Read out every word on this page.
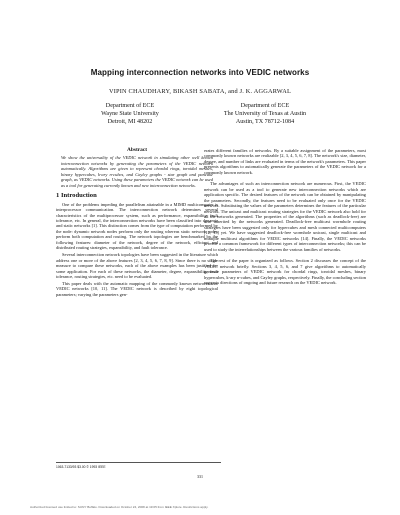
Mapping interconnection networks into VEDIC networks
VIPIN CHAUDHARY, BIKASH SABATA, and J. K. AGGARWAL
Department of ECE
Wayne State University
Detroit, MI 48202
Department of ECE
The University of Texas at Austin
Austin, TX 78712-1084
Abstract
We show the universality of the VEDIC network in simulating other well known interconnection networks by generating the parameters of the VEDIC network automatically. Algorithms are given to represent chordal rings, toroidal meshes, binary hypercubes, k-ary n-cubes, and Cayley graphs - star graph and pancake graph, as VEDIC networks. Using these parameters the VEDIC network can be used as a tool for generating currently known and new interconnection networks.
1 Introduction

One of the problems impeding the parallelism attainable in a MIMD multicomputer is interprocessor communication. The interconnection network determines several characteristics of the multiprocessor system, such as performance, expansibility, fault tolerance, etc. In general, the interconnection networks have been classified into dynamic and static networks [1]. This distinction comes from the type of computation performed by the node: dynamic network nodes perform only the routing whereas static network nodes perform both computation and routing. The network topologies are benchmarked by the following features: diameter of the network, degree of the network, efficient and distributed routing strategies, expansibility, and fault tolerance.

Several interconnection network topologies have been suggested in the literature which address one or more of the above features [2, 3, 4, 5, 6, 7, 8, 9]. Since there is no single measure to compare these networks, each of the above examples has been justified for some application. For each of these networks, the diameter, degree, expansibility, fault tolerance, routing strategies, etc. need to be evaluated.

This paper deals with the automatic mapping of the commonly known networks into VEDIC networks [10, 11]. The VEDIC network is described by eight topological parameters; varying the parameters gen-

erates different families of networks. By a suitable assignment of the parameters, most commonly known networks are realizable [2, 3, 4, 5, 6, 7, 8]. The network's size, diameter, degree, and number of links are evaluated in terms of the network's parameters. This paper presents algorithms to automatically generate the parameters of the VEDIC network for a commonly known network.

The advantages of such an interconnection network are numerous. First, the VEDIC network can be used as a tool to generate new interconnection networks which are application specific. The desired features of the network can be obtained by manipulating the parameters. Secondly, the features need to be evaluated only once for the VEDIC network. Substituting the values of the parameters determines the features of the particular network. The unicast and multicast routing strategies for the VEDIC network also hold for all the networks generated. The properties of the algorithms (such as deadlock-free) are also inherited by the networks generated. Deadlock-free multicast wormhole routing strategies have been suggested only for hypercubes and mesh connected multicomputers [12, 13] yet. We have suggested deadlock-free wormhole unicast, single multicast and multiple multicast algorithms for VEDIC networks [14]. Finally, the VEDIC networks provide a common framework for different types of interconnection networks; this can be used to study the interrelationships between the various families of networks.

The rest of the paper is organized as follows. Section 2 discusses the concept of the VEDIC network briefly. Sections 3, 4, 5, 6, and 7 give algorithms to automatically generate parameters of VEDIC network for chordal rings, toroidal meshes, binary hypercubes, k-ary n-cubes, and Cayley graphs, respectively. Finally, the concluding section suggests directions of ongoing and future research on the VEDIC network.

1063-7133/93 $3.00 © 1993 IEEE
331
Authorized licensed use limited to: SUNY Buffalo. Downloaded on October 24, 2008 at 19:05 from IEEE Xplore. Restrictions apply.
